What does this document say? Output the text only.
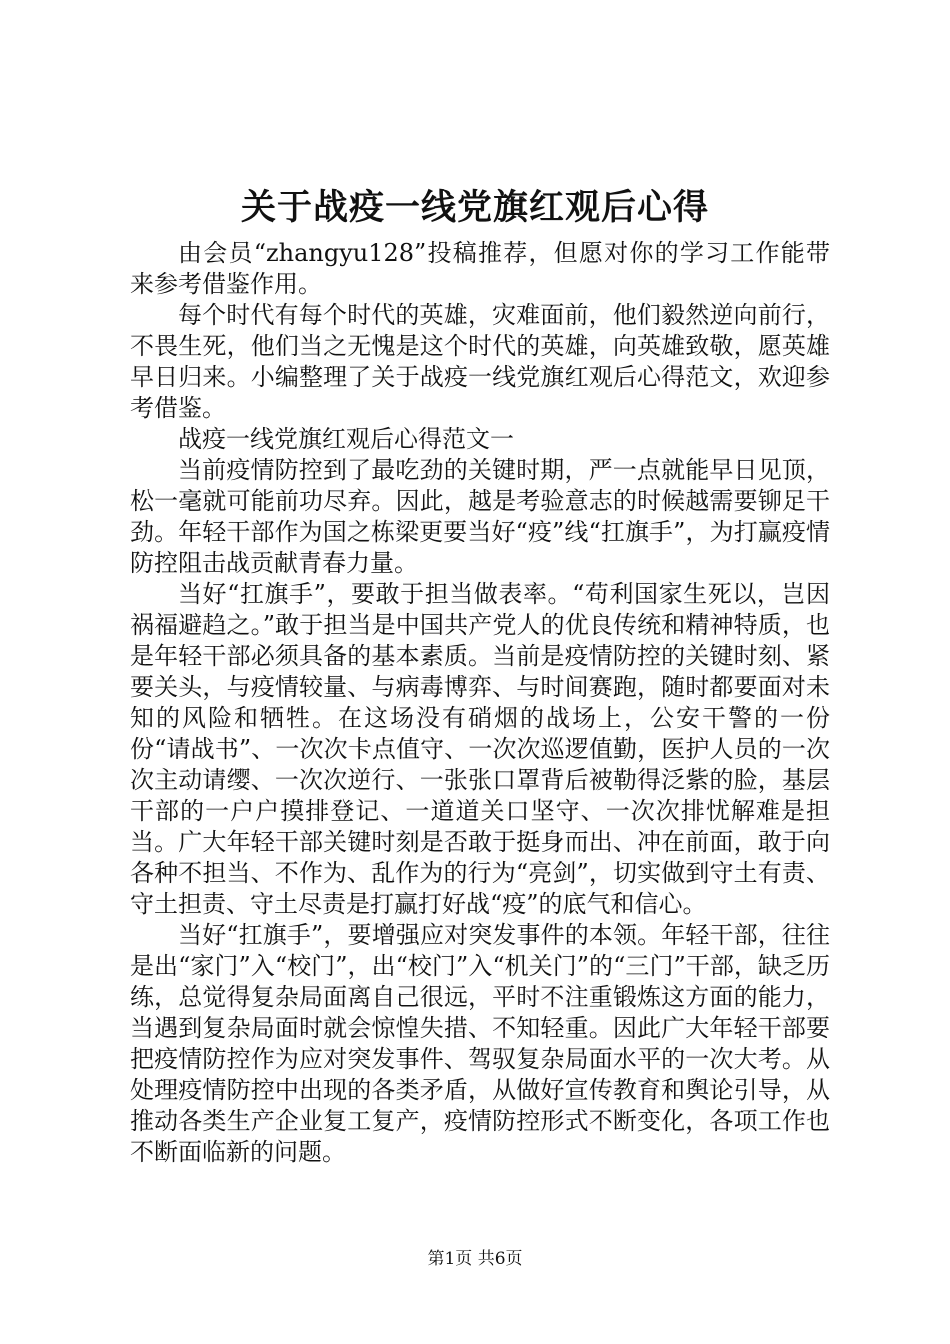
关于战疫一线党旗红观后心得

由会员“zhangyu128”投稿推荐，但愿对你的学习工作能带来参考借鉴作用。

每个时代有每个时代的英雄，灾难面前，他们毅然逆向前行，不畏生死，他们当之无愧是这个时代的英雄，向英雄致敬，愿英雄早日归来。小编整理了关于战疫一线党旗红观后心得范文，欢迎参考借鉴。

战疫一线党旗红观后心得范文一

当前疫情防控到了最吃劲的关键时期，严一点就能早日见顶，松一毫就可能前功尽弃。因此，越是考验意志的时候越需要铆足干劲。年轻干部作为国之栋梁更要当好“疫”线“扛旗手”，为打赢疫情防控阻击战贡献青春力量。

当好“扛旗手”，要敢于担当做表率。“苟利国家生死以，岂因祸福避趋之。”敢于担当是中国共产党人的优良传统和精神特质，也是年轻干部必须具备的基本素质。当前是疫情防控的关键时刻、紧要关头，与疫情较量、与病毒博弈、与时间赛跑，随时都要面对未知的风险和牺牲。在这场没有硝烟的战场上，公安干警的一份份“请战书”、一次次卡点值守、一次次巡逻值勤，医护人员的一次次主动请缨、一次次逆行、一张张口罩背后被勒得泛紫的脸，基层干部的一户户摸排登记、一道道关口坚守、一次次排忧解难是担当。广大年轻干部关键时刻是否敢于挺身而出、冲在前面，敢于向各种不担当、不作为、乱作为的行为“亮剑”，切实做到守土有责、守土担责、守土尽责是打赢打好战“疫”的底气和信心。

当好“扛旗手”，要增强应对突发事件的本领。年轻干部，往往是出“家门”入“校门”，出“校门”入“机关门”的“三门”干部，缺乏历练，总觉得复杂局面离自己很远，平时不注重锻炼这方面的能力，当遇到复杂局面时就会惊惶失措、不知轻重。因此广大年轻干部要把疫情防控作为应对突发事件、驾驭复杂局面水平的一次大考。从处理疫情防控中出现的各类矛盾，从做好宣传教育和舆论引导，从推动各类生产企业复工复产，疫情防控形式不断变化，各项工作也不断面临新的问题。

第1页 共6页
